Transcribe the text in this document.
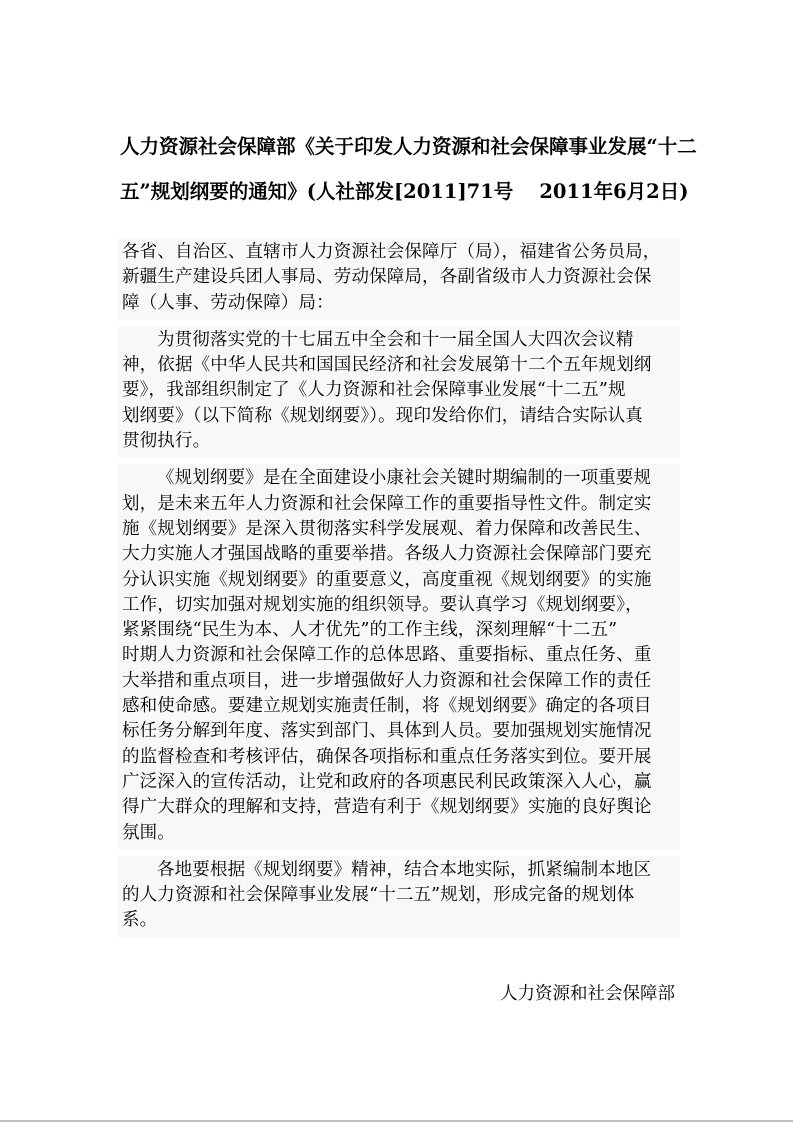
人力资源社会保障部《关于印发人力资源和社会保障事业发展“十二
五”规划纲要的通知》(人社部发[2011]71号 2011年6月2日)
各省、自治区、直辖市人力资源社会保障厅（局），福建省公务员局，
新疆生产建设兵团人事局、劳动保障局，各副省级市人力资源社会保
障（人事、劳动保障）局：
为贯彻落实党的十七届五中全会和十一届全国人大四次会议精
神，依据《中华人民共和国国民经济和社会发展第十二个五年规划纲
要》，我部组织制定了《人力资源和社会保障事业发展“十二五”规
划纲要》（以下简称《规划纲要》）。现印发给你们，请结合实际认真
贯彻执行。
《规划纲要》是在全面建设小康社会关键时期编制的一项重要规
划，是未来五年人力资源和社会保障工作的重要指导性文件。制定实
施《规划纲要》是深入贯彻落实科学发展观、着力保障和改善民生、
大力实施人才强国战略的重要举措。各级人力资源社会保障部门要充
分认识实施《规划纲要》的重要意义，高度重视《规划纲要》的实施
工作，切实加强对规划实施的组织领导。要认真学习《规划纲要》，
紧紧围绕“民生为本、人才优先”的工作主线，深刻理解“十二五”
时期人力资源和社会保障工作的总体思路、重要指标、重点任务、重
大举措和重点项目，进一步增强做好人力资源和社会保障工作的责任
感和使命感。要建立规划实施责任制，将《规划纲要》确定的各项目
标任务分解到年度、落实到部门、具体到人员。要加强规划实施情况
的监督检查和考核评估，确保各项指标和重点任务落实到位。要开展
广泛深入的宣传活动，让党和政府的各项惠民利民政策深入人心，赢
得广大群众的理解和支持，营造有利于《规划纲要》实施的良好舆论
氛围。
各地要根据《规划纲要》精神，结合本地实际，抓紧编制本地区
的人力资源和社会保障事业发展“十二五”规划，形成完备的规划体
系。
人力资源和社会保障部
